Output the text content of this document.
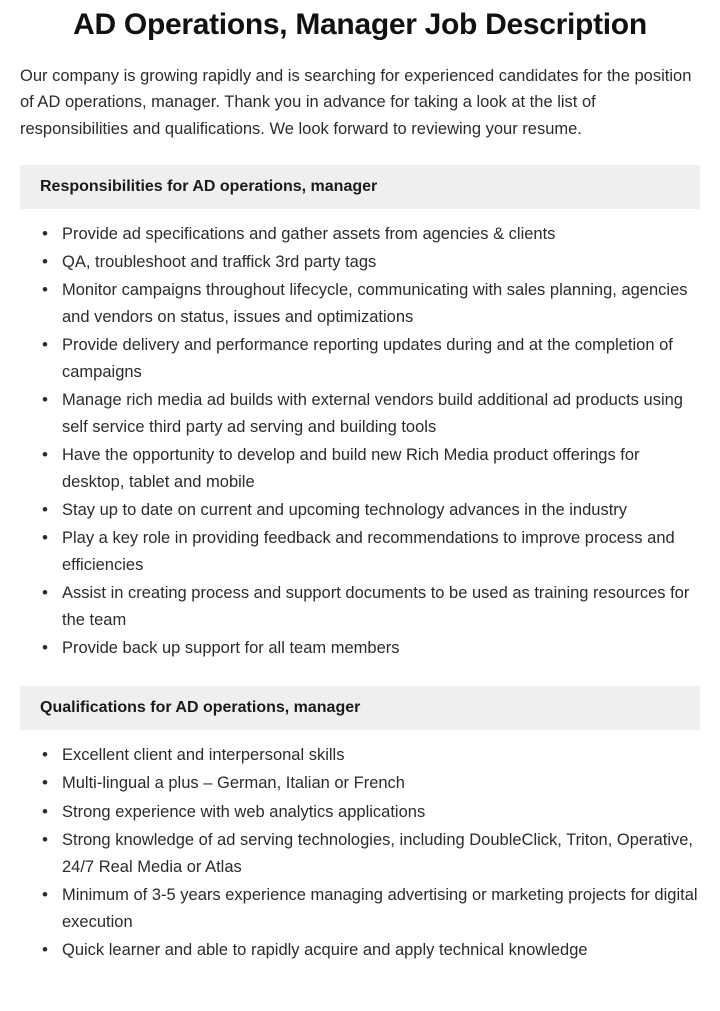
AD Operations, Manager Job Description

Our company is growing rapidly and is searching for experienced candidates for the position of AD operations, manager. Thank you in advance for taking a look at the list of responsibilities and qualifications. We look forward to reviewing your resume.

Responsibilities for AD operations, manager
• Provide ad specifications and gather assets from agencies & clients
• QA, troubleshoot and traffick 3rd party tags
• Monitor campaigns throughout lifecycle, communicating with sales planning, agencies and vendors on status, issues and optimizations
• Provide delivery and performance reporting updates during and at the completion of campaigns
• Manage rich media ad builds with external vendors build additional ad products using self service third party ad serving and building tools
• Have the opportunity to develop and build new Rich Media product offerings for desktop, tablet and mobile
• Stay up to date on current and upcoming technology advances in the industry
• Play a key role in providing feedback and recommendations to improve process and efficiencies
• Assist in creating process and support documents to be used as training resources for the team
• Provide back up support for all team members
Qualifications for AD operations, manager
• Excellent client and interpersonal skills
• Multi-lingual a plus – German, Italian or French
• Strong experience with web analytics applications
• Strong knowledge of ad serving technologies, including DoubleClick, Triton, Operative, 24/7 Real Media or Atlas
• Minimum of 3-5 years experience managing advertising or marketing projects for digital execution
• Quick learner and able to rapidly acquire and apply technical knowledge
